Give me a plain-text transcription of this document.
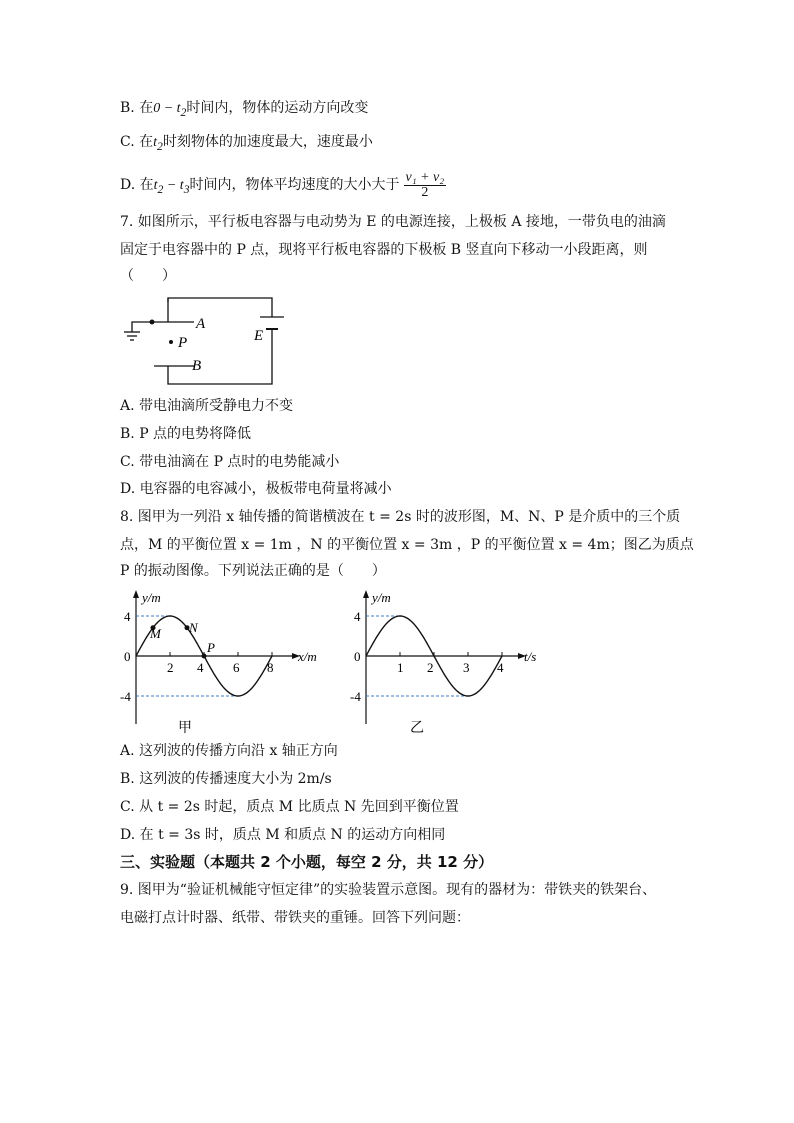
B. 在$0 - t_2$时间内，物体的运动方向改变
C. 在$t_2$时刻物体的加速度最大，速度最小
D. 在$t_2 - t_3$时间内，物体平均速度的大小大于 $\frac{\text{v₁ + v₂}}{2}$
7. 如图所示，平行板电容器与电动势为 E 的电源连接，上极板 A 接地，一带负电的油滴
固定于电容器中的 P 点，现将平行板电容器的下极板 B 竖直向下移动一小段距离，则
（　　）
A
P
B
E
A. 带电油滴所受静电力不变
B. P 点的电势将降低
C. 带电油滴在 P 点时的电势能减小
D. 电容器的电容减小，极板带电荷量将减小
8. 图甲为一列沿 x 轴传播的简谐横波在 t = 2s 时的波形图，M、N、P 是介质中的三个质
点，M 的平衡位置 x = 1m ，N 的平衡位置 x = 3m ，P 的平衡位置 x = 4m；图乙为质点
P 的振动图像。下列说法正确的是（　　）
y/m
x/m
4
0
-4
2 4 6 8
M N
P
甲
y/m
t/s
4
0
-4
1 2 3 4
乙
A. 这列波的传播方向沿 x 轴正方向
B. 这列波的传播速度大小为 2m/s
C. 从 t = 2s 时起，质点 M 比质点 N 先回到平衡位置
D. 在 t = 3s 时，质点 M 和质点 N 的运动方向相同
三、实验题（本题共 2 个小题，每空 2 分，共 12 分）
9. 图甲为“验证机械能守恒定律”的实验装置示意图。现有的器材为：带铁夹的铁架台、
电磁打点计时器、纸带、带铁夹的重锤。回答下列问题：
